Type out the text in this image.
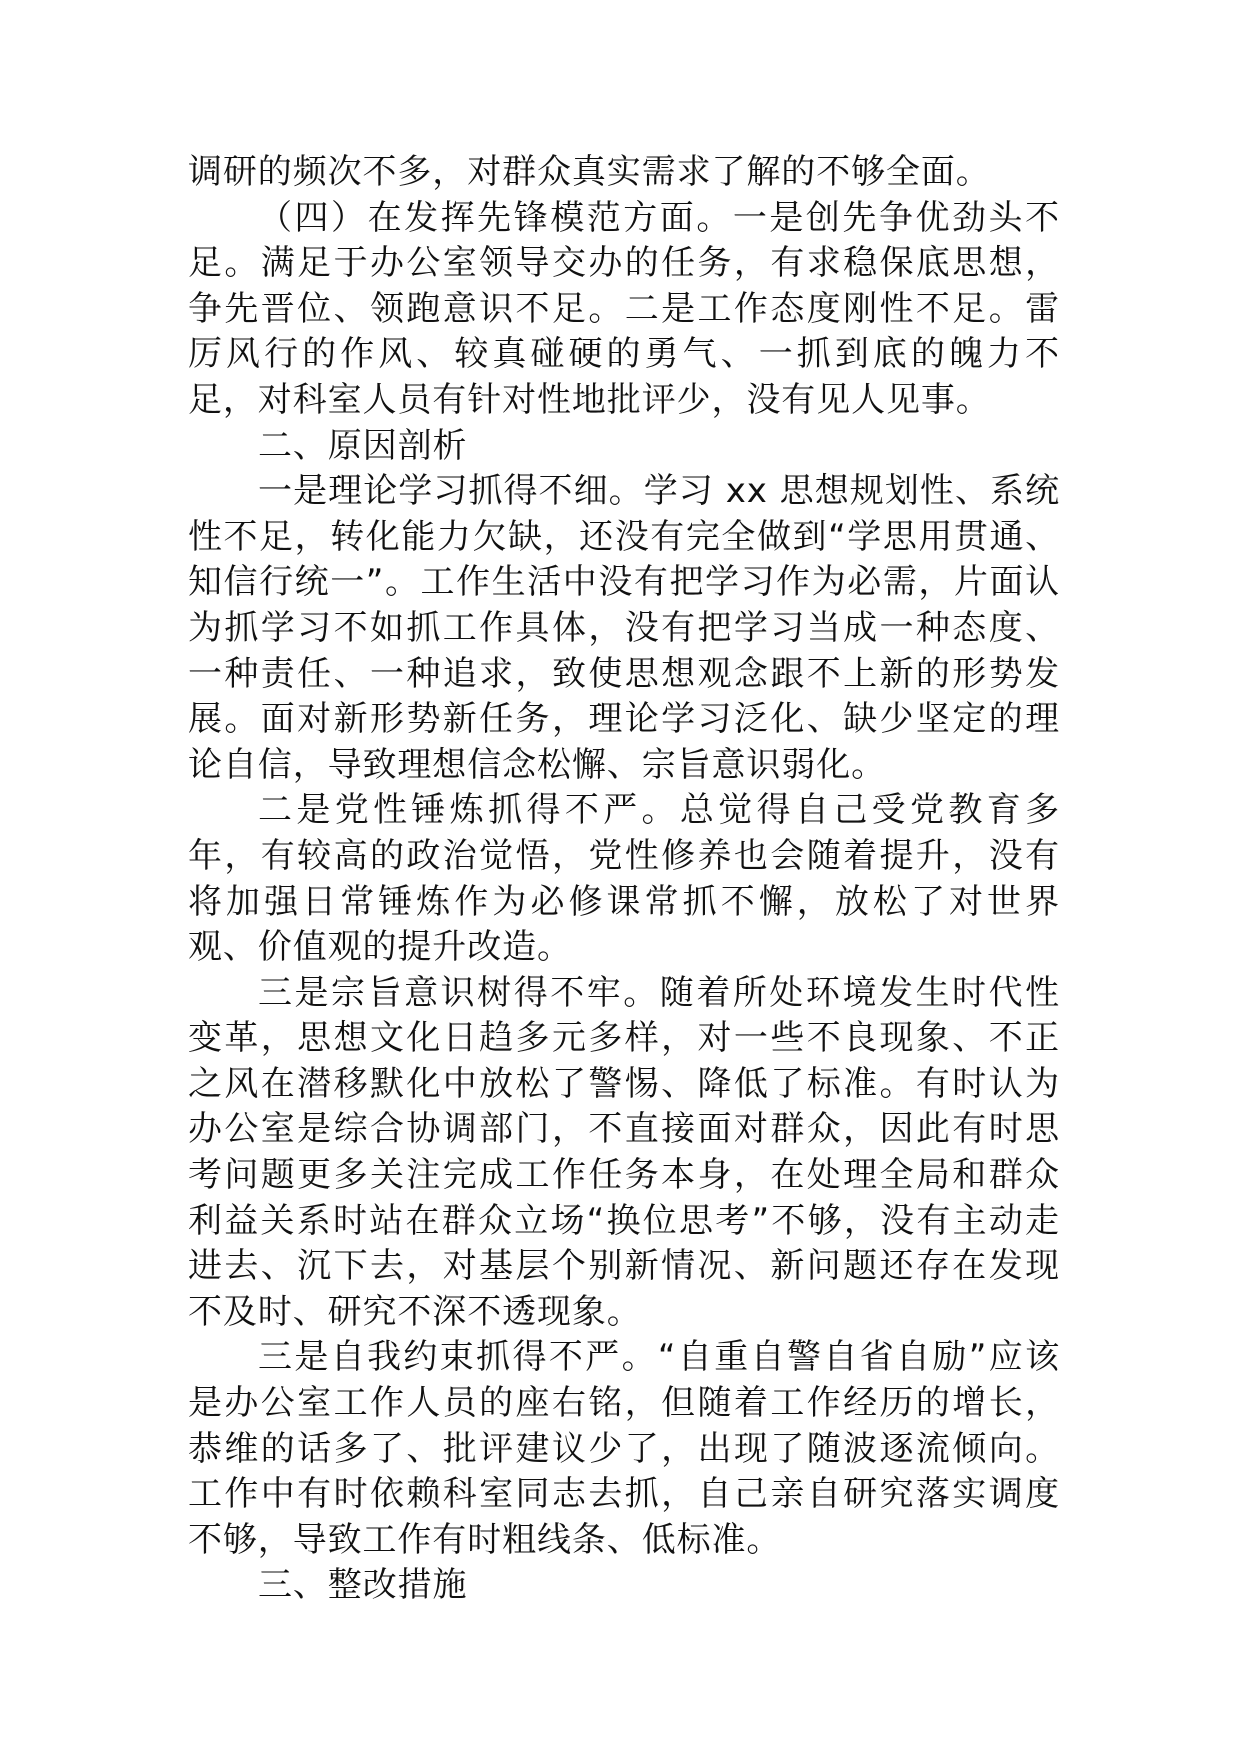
调研的频次不多，对群众真实需求了解的不够全面。

（四）在发挥先锋模范方面。一是创先争优劲头不足。满足于办公室领导交办的任务，有求稳保底思想，争先晋位、领跑意识不足。二是工作态度刚性不足。雷厉风行的作风、较真碰硬的勇气、一抓到底的魄力不足，对科室人员有针对性地批评少，没有见人见事。

二、原因剖析

一是理论学习抓得不细。学习 xx 思想规划性、系统性不足，转化能力欠缺，还没有完全做到“学思用贯通、知信行统一”。工作生活中没有把学习作为必需，片面认为抓学习不如抓工作具体，没有把学习当成一种态度、一种责任、一种追求，致使思想观念跟不上新的形势发展。面对新形势新任务，理论学习泛化、缺少坚定的理论自信，导致理想信念松懈、宗旨意识弱化。

二是党性锤炼抓得不严。总觉得自己受党教育多年，有较高的政治觉悟，党性修养也会随着提升，没有将加强日常锤炼作为必修课常抓不懈，放松了对世界观、价值观的提升改造。

三是宗旨意识树得不牢。随着所处环境发生时代性变革，思想文化日趋多元多样，对一些不良现象、不正之风在潜移默化中放松了警惕、降低了标准。有时认为办公室是综合协调部门，不直接面对群众，因此有时思考问题更多关注完成工作任务本身，在处理全局和群众利益关系时站在群众立场“换位思考”不够，没有主动走进去、沉下去，对基层个别新情况、新问题还存在发现不及时、研究不深不透现象。

三是自我约束抓得不严。“自重自警自省自励”应该是办公室工作人员的座右铭，但随着工作经历的增长，恭维的话多了、批评建议少了，出现了随波逐流倾向。工作中有时依赖科室同志去抓，自己亲自研究落实调度不够，导致工作有时粗线条、低标准。

三、整改措施
